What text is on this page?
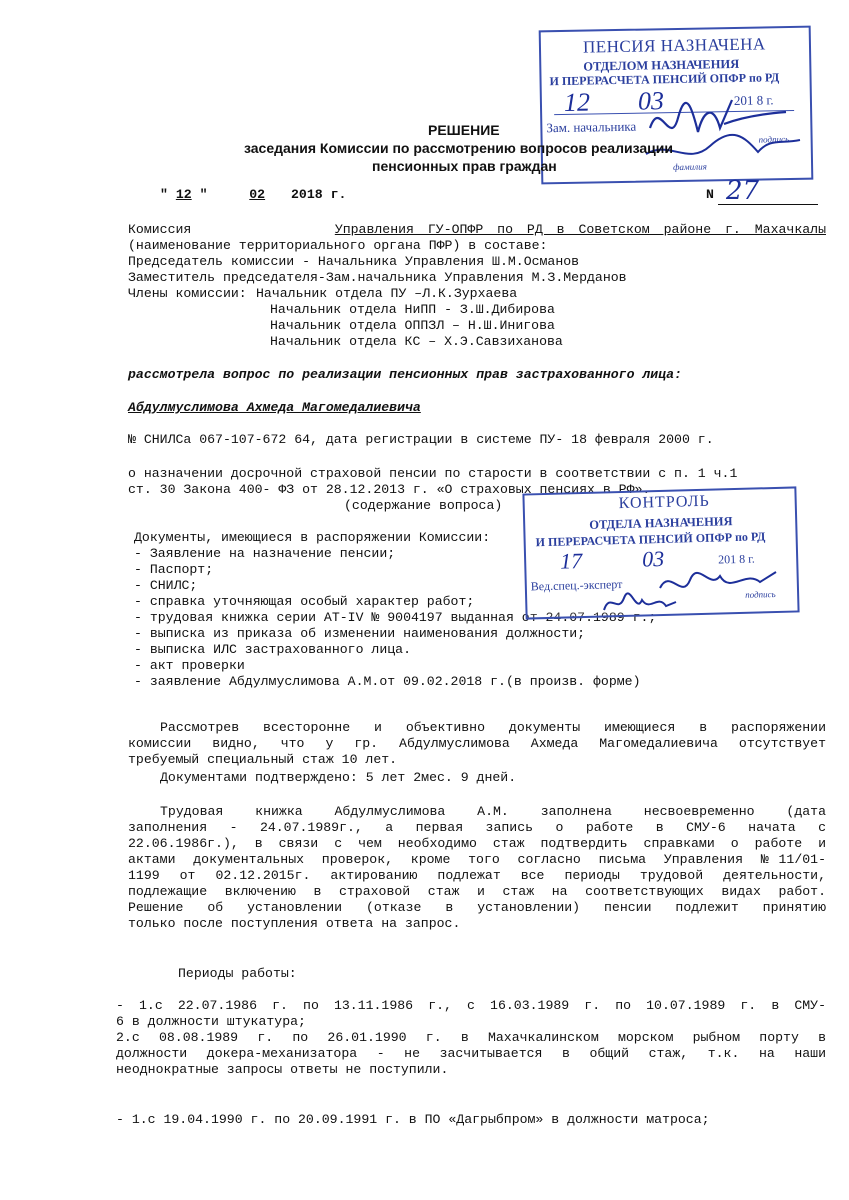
ПЕНСИЯ НАЗНАЧЕНА
ОТДЕЛОМ НАЗНАЧЕНИЯ
И ПЕРЕРАСЧЕТА ПЕНСИЙ ОПФР по РД
12 03	201 8 г.
Зам. начальника
подпись
фамилия
РЕШЕНИЕ
заседания Комиссии по рассмотрению вопросов реализации
пенсионных прав граждан
" 12 "	02 2018 г.	N 27
Комиссия	Управления ГУ-ОПФР по РД в Советском районе г. Махачкалы
(наименование территориального органа ПФР) в составе:
Председатель комиссии - Начальника Управления Ш.М.Османов
Заместитель председателя-Зам.начальника Управления М.З.Мерданов
Члены комиссии: Начальник отдела ПУ –Л.К.Зурхаева
Начальник отдела НиПП - З.Ш.Дибирова
Начальник отдела ОППЗЛ – Н.Ш.Инигова
Начальник отдела КС – Х.Э.Савзиханова
рассмотрела вопрос по реализации пенсионных прав застрахованного лица:
Абдулмуслимова Ахмеда Магомедалиевича
№ СНИЛСа 067-107-672 64, дата регистрации в системе ПУ- 18 февраля 2000 г.
о назначении досрочной страховой пенсии по старости в соответствии с п. 1 ч.1
ст. 30 Закона 400- ФЗ от 28.12.2013 г. «О страховых пенсиях в РФ».
(содержание вопроса)
Документы, имеющиеся в распоряжении Комиссии:
- Заявление на назначение пенсии;
- Паспорт;
- СНИЛС;
- справка уточняющая особый характер работ;
- трудовая книжка серии АТ-IV № 9004197 выданная от 24.07.1989 г.;
- выписка из приказа об изменении наименования должности;
- выписка ИЛС застрахованного лица.
- акт проверки
- заявление Абдулмуслимова А.М.от 09.02.2018 г.(в произв. форме)
КОНТРОЛЬ
ОТДЕЛА НАЗНАЧЕНИЯ
И ПЕРЕРАСЧЕТА ПЕНСИЙ ОПФР по РД
17	03	201 8 г.
Вед.спец.-эксперт
подпись
Рассмотрев всесторонне и объективно документы имеющиеся в распоряжении
комиссии видно, что у гр. Абдулмуслимова Ахмеда Магомедалиевича отсутствует
требуемый специальный стаж 10 лет.
Документами подтверждено: 5 лет 2мес. 9 дней.
Трудовая книжка Абдулмуслимова А.М. заполнена несвоевременно (дата
заполнения - 24.07.1989г., а первая запись о работе в СМУ-6 начата с
22.06.1986г.), в связи с чем необходимо стаж подтвердить справками о работе и
актами документальных проверок, кроме того согласно письма Управления №11/01-
1199 от 02.12.2015г. актированию подлежат все периоды трудовой деятельности,
подлежащие включению в страховой стаж и стаж на соответствующих видах работ.
Решение об установлении (отказе в установлении) пенсии подлежит принятию
только после поступления ответа на запрос.
Периоды работы:
- 1.с 22.07.1986 г. по 13.11.1986 г., с 16.03.1989 г. по 10.07.1989 г. в СМУ-
6 в должности штукатура;
2.с 08.08.1989 г. по 26.01.1990 г. в Махачкалинском морском рыбном порту в
должности докера-механизатора - не засчитывается в общий стаж, т.к. на наши
неоднократные запросы ответы не поступили.
- 1.с 19.04.1990 г. по 20.09.1991 г. в ПО «Дагрыбпром» в должности матроса;
